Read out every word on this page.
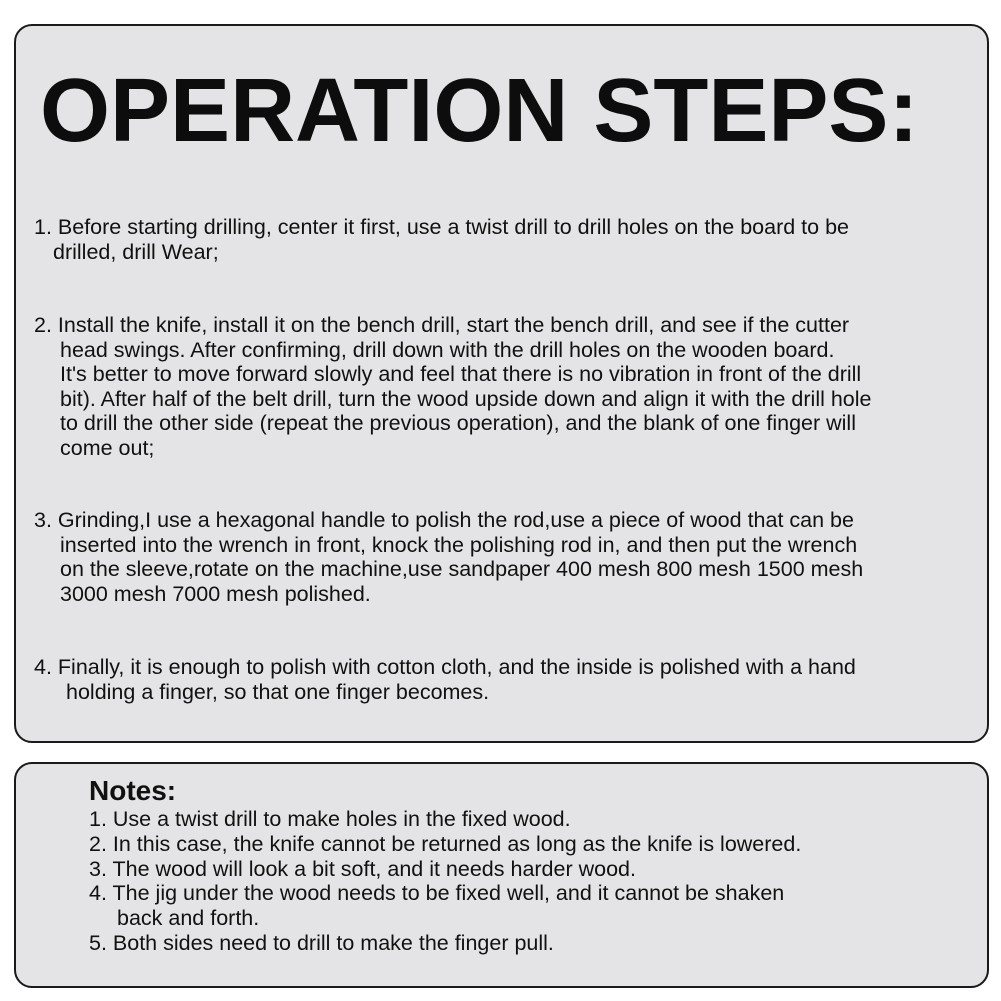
OPERATION STEPS:

1. Before starting drilling, center it first, use a twist drill to drill holes on the board to be
drilled, drill Wear;

2. Install the knife, install it on the bench drill, start the bench drill, and see if the cutter
head swings. After confirming, drill down with the drill holes on the wooden board.
It's better to move forward slowly and feel that there is no vibration in front of the drill
bit). After half of the belt drill, turn the wood upside down and align it with the drill hole
to drill the other side (repeat the previous operation), and the blank of one finger will
come out;

3. Grinding,I use a hexagonal handle to polish the rod,use a piece of wood that can be
inserted into the wrench in front, knock the polishing rod in, and then put the wrench
on the sleeve,rotate on the machine,use sandpaper 400 mesh 800 mesh 1500 mesh
3000 mesh 7000 mesh polished.

4. Finally, it is enough to polish with cotton cloth, and the inside is polished with a hand
holding a finger, so that one finger becomes.

Notes:
1. Use a twist drill to make holes in the fixed wood.
2. In this case, the knife cannot be returned as long as the knife is lowered.
3. The wood will look a bit soft, and it needs harder wood.
4. The jig under the wood needs to be fixed well, and it cannot be shaken
back and forth.
5. Both sides need to drill to make the finger pull.
